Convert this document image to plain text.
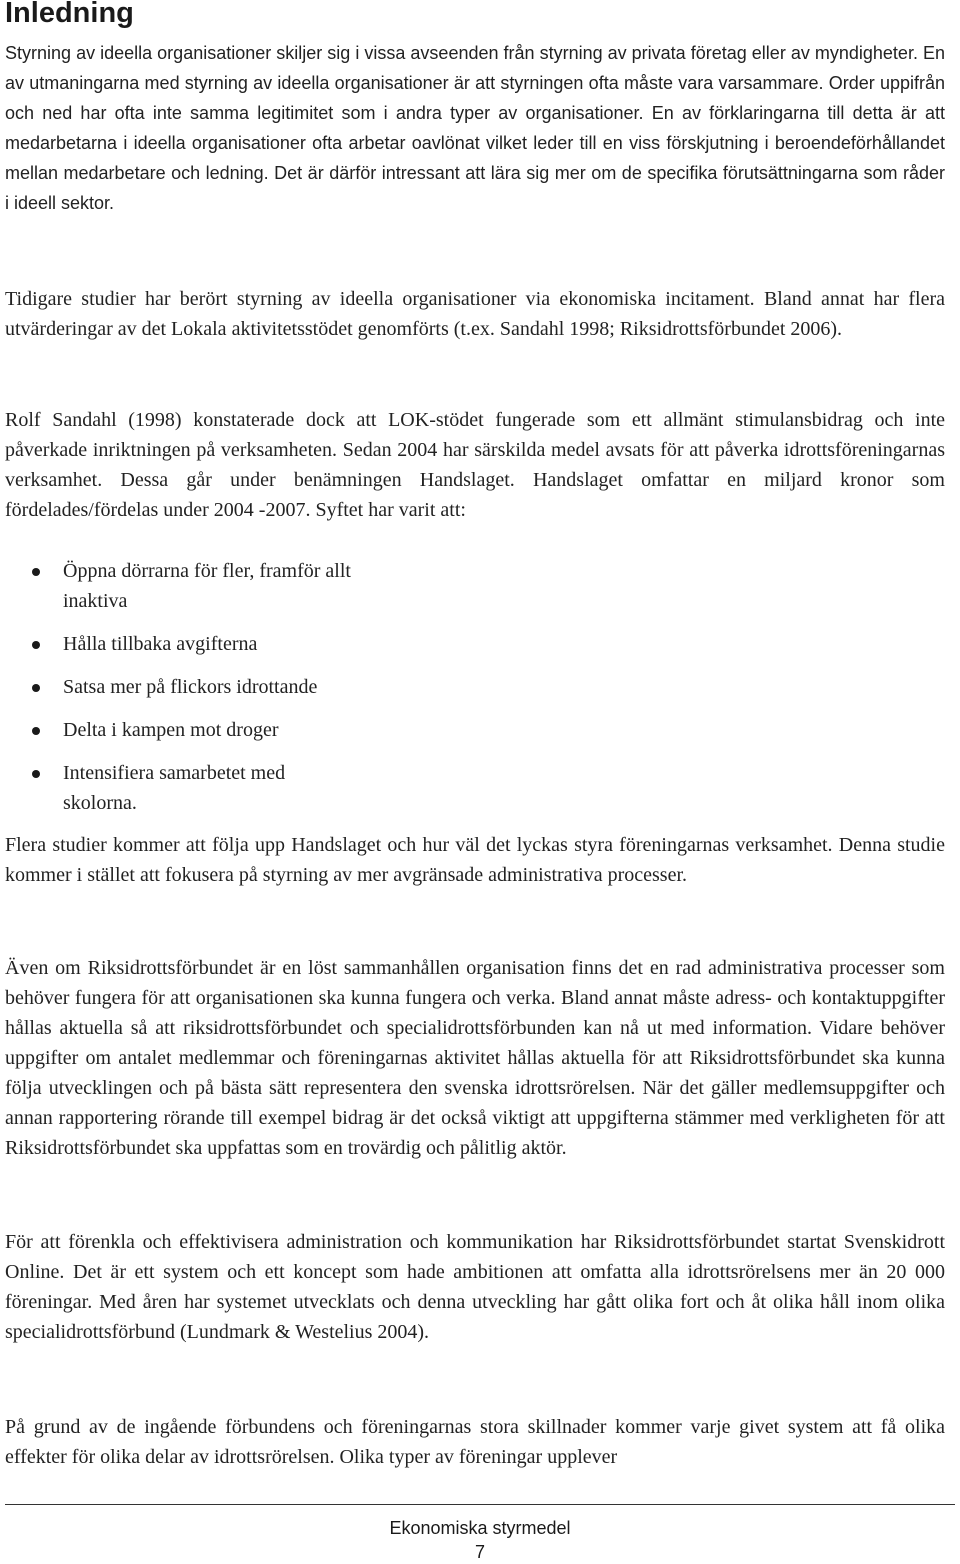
Inledning

Styrning av ideella organisationer skiljer sig i vissa avseenden från styrning av privata företag eller av myndigheter. En av utmaningarna med styrning av ideella organisationer är att styrningen ofta måste vara varsammare. Order uppifrån och ned har ofta inte samma legitimitet som i andra typer av organisationer. En av förklaringarna till detta är att medarbetarna i ideella organisationer ofta arbetar oavlönat vilket leder till en viss förskjutning i beroendeförhållandet mellan medarbetare och ledning. Det är därför intressant att lära sig mer om de specifika förutsättningarna som råder i ideell sektor.

Tidigare studier har berört styrning av ideella organisationer via ekonomiska incitament. Bland annat har flera utvärderingar av det Lokala aktivitetsstödet genomförts (t.ex. Sandahl 1998; Riksidrottsförbundet 2006).

Rolf Sandahl (1998) konstaterade dock att LOK-stödet fungerade som ett allmänt stimulansbidrag och inte påverkade inriktningen på verksamheten. Sedan 2004 har särskilda medel avsats för att påverka idrottsföreningarnas verksamhet. Dessa går under benämningen Handslaget. Handslaget omfattar en miljard kronor som fördelades/fördelas under 2004 -2007. Syftet har varit att:

Öppna dörrarna för fler, framför allt inaktiva
Hålla tillbaka avgifterna
Satsa mer på flickors idrottande
Delta i kampen mot droger
Intensifiera samarbetet med skolorna.

Flera studier kommer att följa upp Handslaget och hur väl det lyckas styra föreningarnas verksamhet. Denna studie kommer i stället att fokusera på styrning av mer avgränsade administrativa processer.

Även om Riksidrottsförbundet är en löst sammanhållen organisation finns det en rad administrativa processer som behöver fungera för att organisationen ska kunna fungera och verka. Bland annat måste adress- och kontaktuppgifter hållas aktuella så att riksidrottsförbundet och specialidrottsförbunden kan nå ut med information. Vidare behöver uppgifter om antalet medlemmar och föreningarnas aktivitet hållas aktuella för att Riksidrottsförbundet ska kunna följa utvecklingen och på bästa sätt representera den svenska idrottsrörelsen. När det gäller medlemsuppgifter och annan rapportering rörande till exempel bidrag är det också viktigt att uppgifterna stämmer med verkligheten för att Riksidrottsförbundet ska uppfattas som en trovärdig och pålitlig aktör.

För att förenkla och effektivisera administration och kommunikation har Riksidrottsförbundet startat Svenskidrott Online. Det är ett system och ett koncept som hade ambitionen att omfatta alla idrottsrörelsens mer än 20 000 föreningar. Med åren har systemet utvecklats och denna utveckling har gått olika fort och åt olika håll inom olika specialidrottsförbund (Lundmark & Westelius 2004).

På grund av de ingående förbundens och föreningarnas stora skillnader kommer varje givet system att få olika effekter för olika delar av idrottsrörelsen. Olika typer av föreningar upplever

Ekonomiska styrmedel
7
